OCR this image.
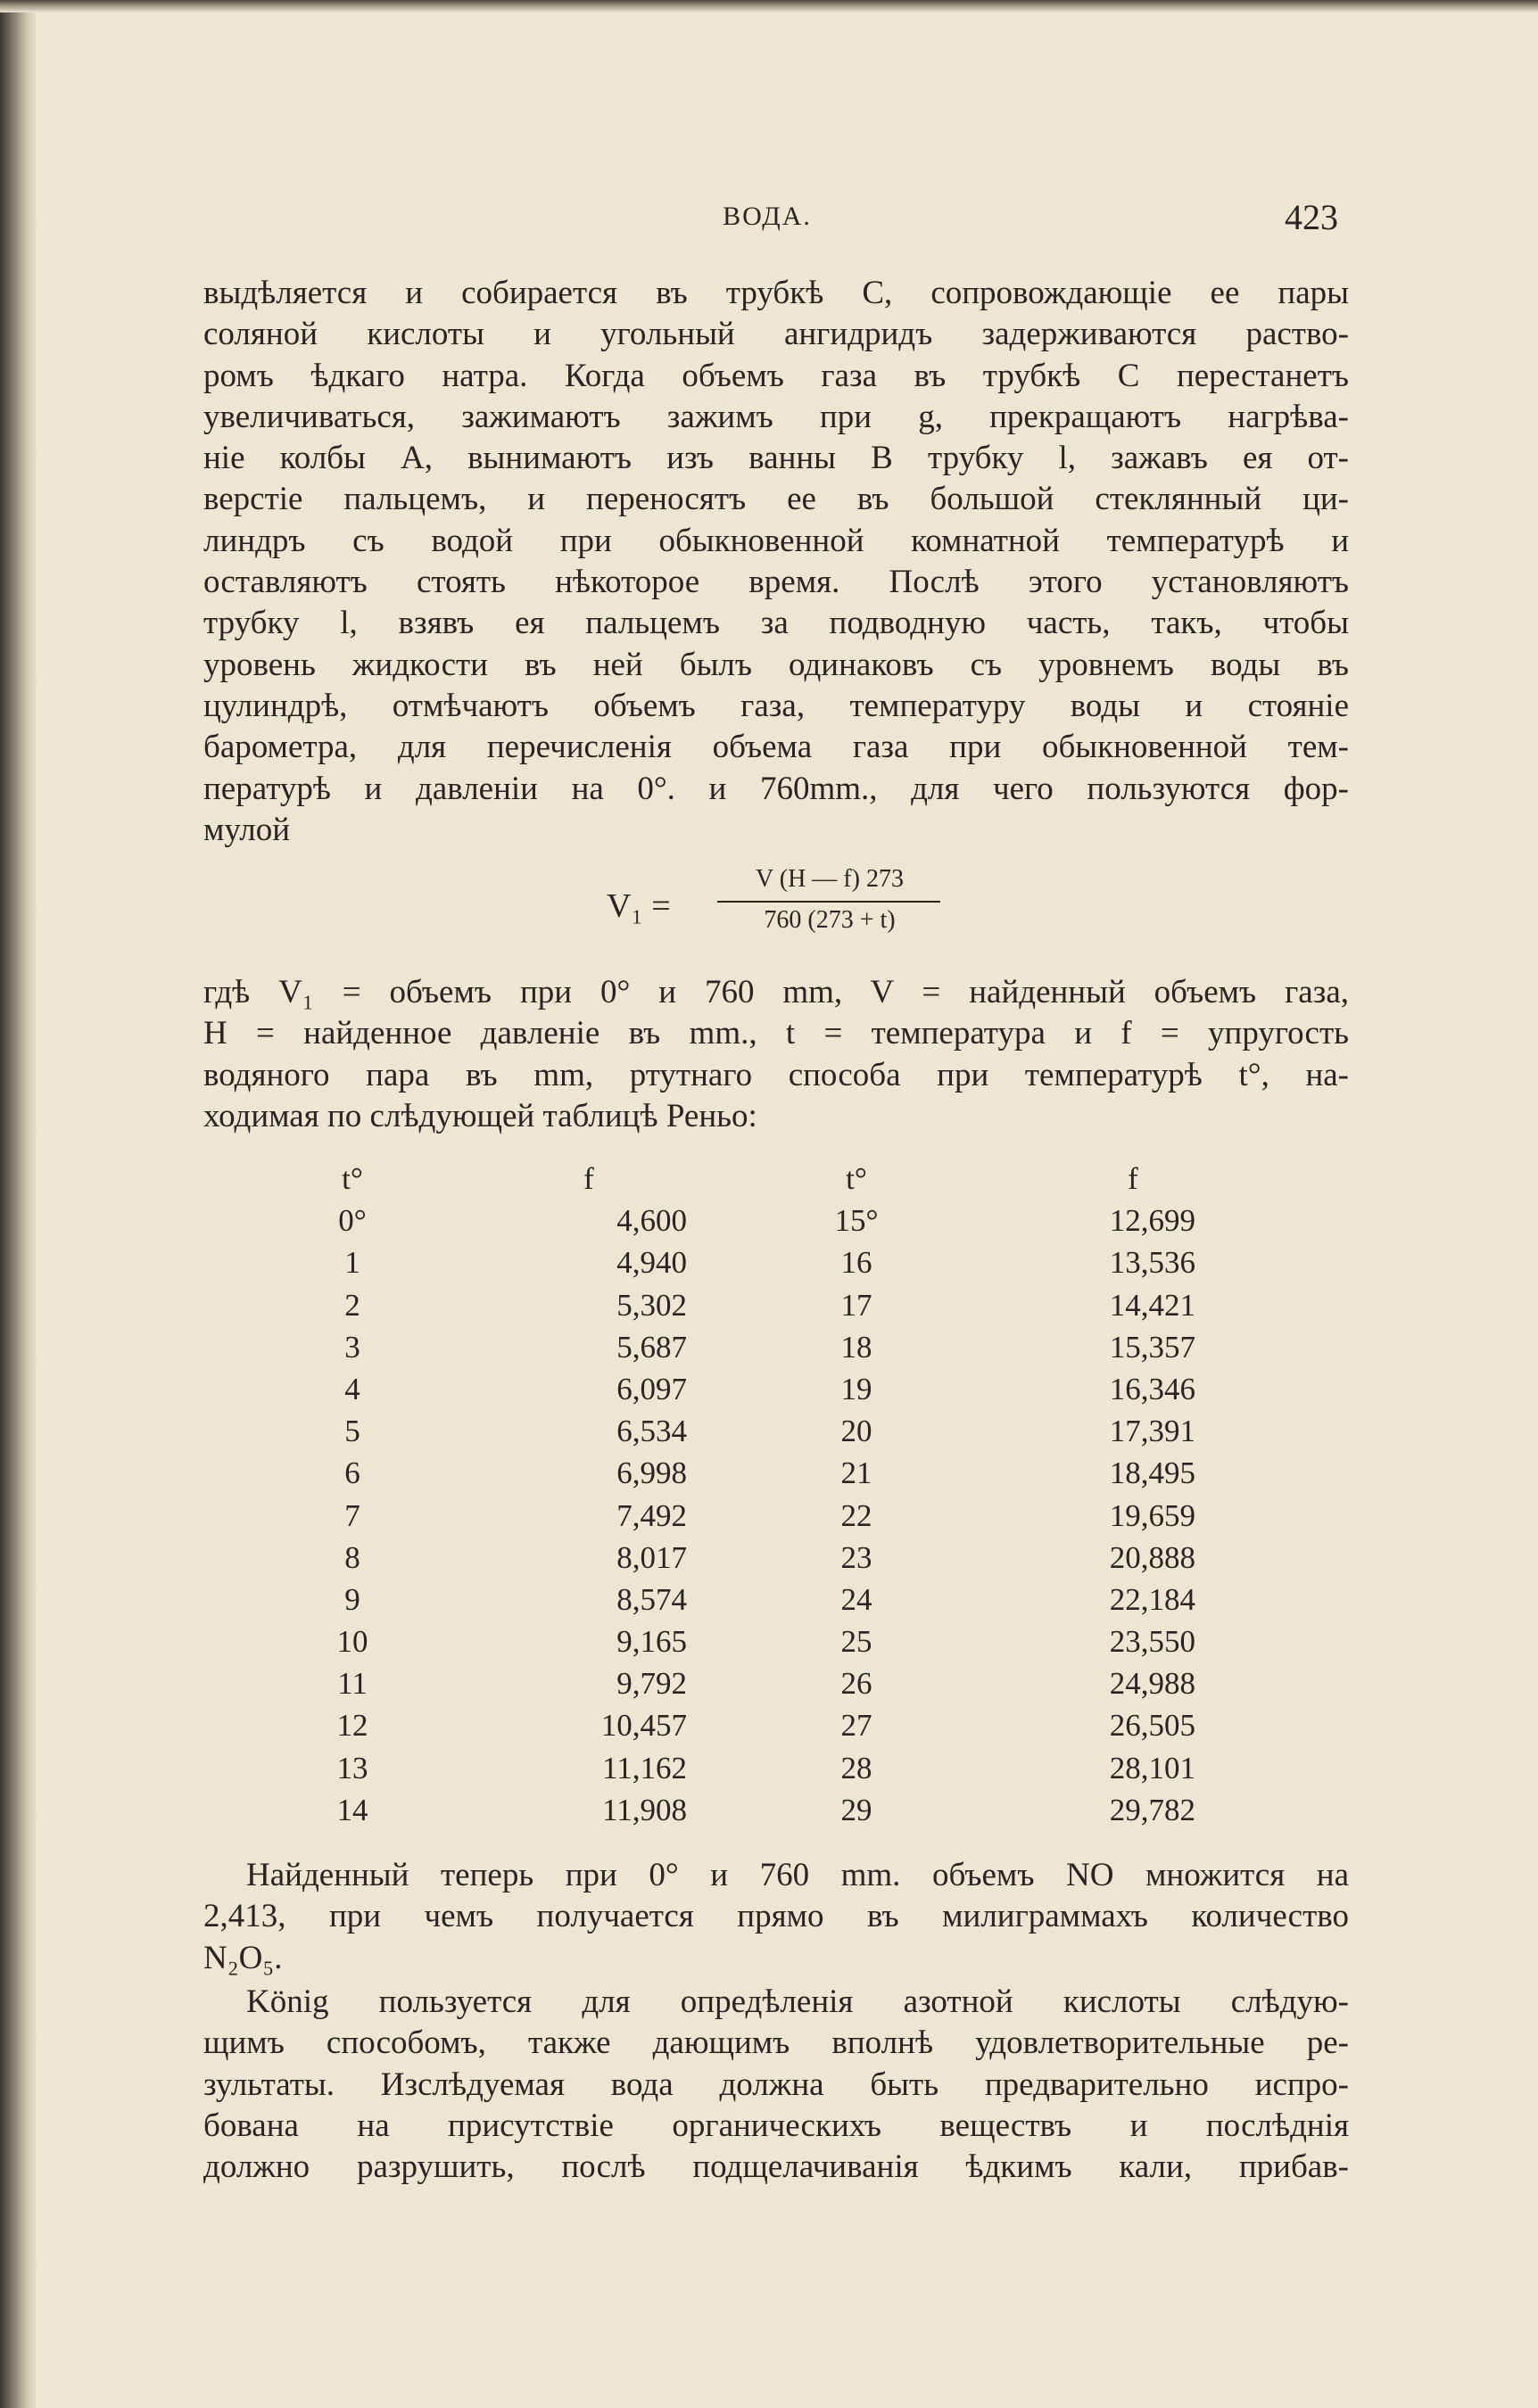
ВОДА.	423
выдѣляется и собирается въ трубкѣ C, сопровождающіе ее пары
соляной кислоты и угольный ангидридъ задерживаются раство-
ромъ ѣдкаго натра. Когда объемъ газа въ трубкѣ C перестанетъ
увеличиваться, зажимаютъ зажимъ при g, прекращаютъ нагрѣва-
ніе колбы A, вынимаютъ изъ ванны B трубку l, зажавъ ея от-
верстіе пальцемъ, и переносятъ ее въ большой стеклянный ци-
линдръ съ водой при обыкновенной комнатной температурѣ и
оставляютъ стоять нѣкоторое время. Послѣ этого установляютъ
трубку l, взявъ ея пальцемъ за подводную часть, такъ, чтобы
уровень жидкости въ ней былъ одинаковъ съ уровнемъ воды въ
цулиндрѣ, отмѣчаютъ объемъ газа, температуру воды и стояніе
барометра, для перечисленія объема газа при обыкновенной тем-
пературѣ и давленіи на 0°. и 760mm., для чего пользуются фор-
мулой
V₁ =
V (H — f) 273
760 (273 + t)
гдѣ V₁ = объемъ при 0° и 760 mm, V = найденный объемъ газа,
H = найденное давленіе въ mm., t = температура и f = упругость
водяного пара въ mm, ртутнаго способа при температурѣ t°, на-
ходимая по слѣдующей таблицѣ Реньо:
t°	f	t°	f
0°	4,600	15°	12,699
1	4,940	16	13,536
2	5,302	17	14,421
3	5,687	18	15,357
4	6,097	19	16,346
5	6,534	20	17,391
6	6,998	21	18,495
7	7,492	22	19,659
8	8,017	23	20,888
9	8,574	24	22,184
10	9,165	25	23,550
11	9,792	26	24,988
12	10,457	27	26,505
13	11,162	28	28,101
14	11,908	29	29,782
Найденный теперь при 0° и 760 mm. объемъ NO множится на
2,413, при чемъ получается прямо въ милиграммахъ количество
N₂O₅.
König пользуется для опредѣленія азотной кислоты слѣдую-
щимъ способомъ, также дающимъ вполнѣ удовлетворительные ре-
зультаты. Изслѣдуемая вода должна быть предварительно испро-
бована на присутствіе органическихъ веществъ и послѣднія
должно разрушить, послѣ подщелачиванія ѣдкимъ кали, прибав-
